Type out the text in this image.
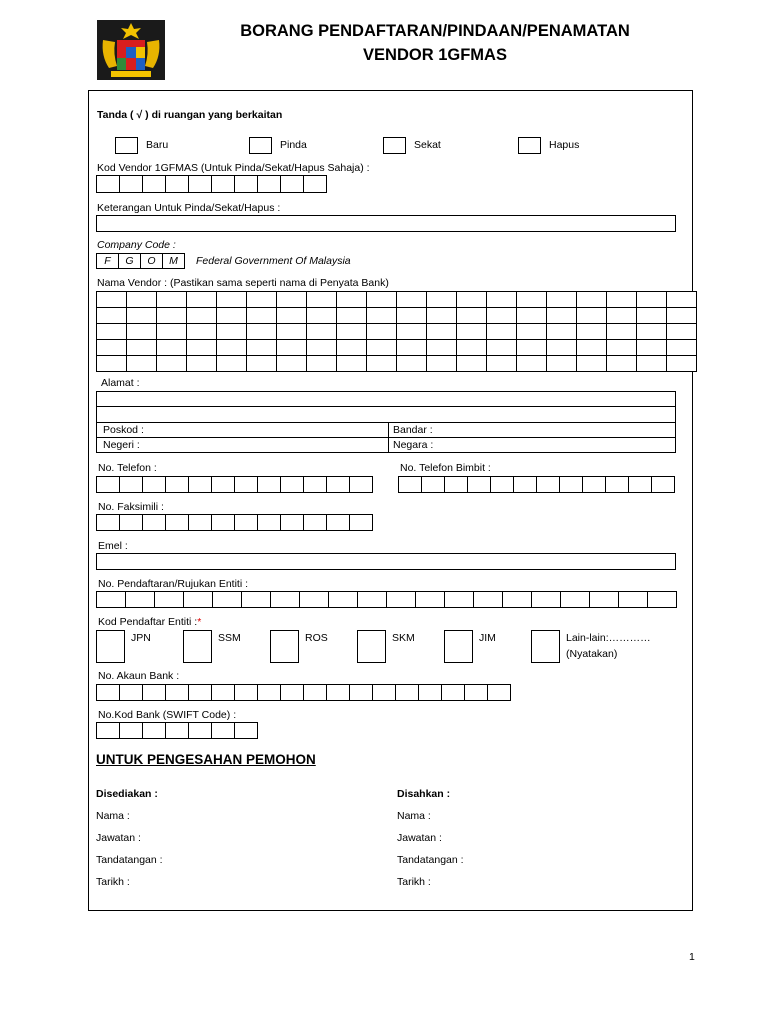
BORANG PENDAFTARAN/PINDAAN/PENAMATAN
VENDOR 1GFMAS
Tanda ( √ ) di ruangan yang berkaitan
Baru	Pinda	Sekat	Hapus
Kod Vendor 1GFMAS (Untuk Pinda/Sekat/Hapus Sahaja) :
Keterangan Untuk Pinda/Sekat/Hapus :
Company Code :
F	G	O	M	Federal Government Of Malaysia
Nama Vendor : (Pastikan sama seperti nama di Penyata Bank)
Alamat :
Poskod :	Bandar :
Negeri :	Negara :
No. Telefon :	No. Telefon Bimbit :
No. Faksimili :
Emel :
No. Pendaftaran/Rujukan Entiti :
Kod Pendaftar Entiti :*
JPN	SSM	ROS	SKM	JIM	Lain-lain:…………
(Nyatakan)
No. Akaun Bank :
No.Kod Bank (SWIFT Code) :
UNTUK PENGESAHAN PEMOHON
Disediakan :	Disahkan :
Nama :	Nama :
Jawatan :	Jawatan :
Tandatangan :	Tandatangan :
Tarikh :	Tarikh :
1
